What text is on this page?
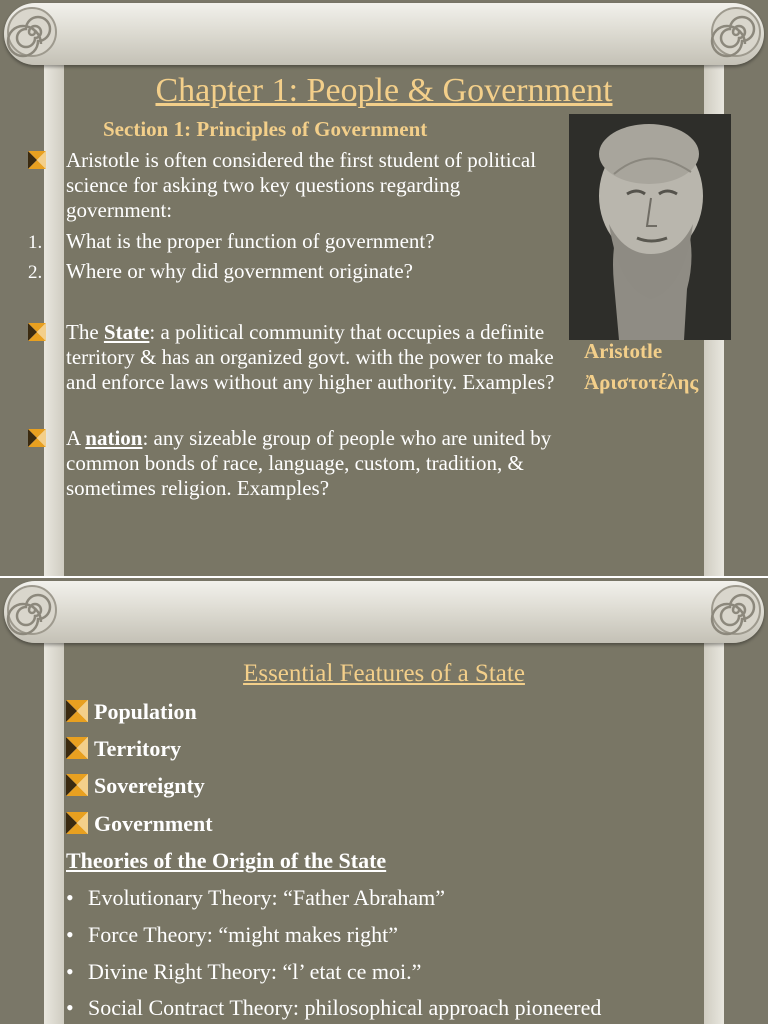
Chapter 1: People & Government
Section 1: Principles of Government
Aristotle is often considered the first student of political science for asking two key questions regarding government:
1. What is the proper function of government?
2. Where or why did government originate?
The State: a political community that occupies a definite territory & has an organized govt. with the power to make and enforce laws without any higher authority. Examples?
A nation: any sizeable group of people who are united by common bonds of race, language, custom, tradition, & sometimes religion. Examples?
Aristotle
Ἀριστοτέλης
Essential Features of a State
Population
Territory
Sovereignty
Government
Theories of the Origin of the State
• Evolutionary Theory: “Father Abraham”
• Force Theory: “might makes right”
• Divine Right Theory: “l’ etat ce moi.”
• Social Contract Theory: philosophical approach pioneered
